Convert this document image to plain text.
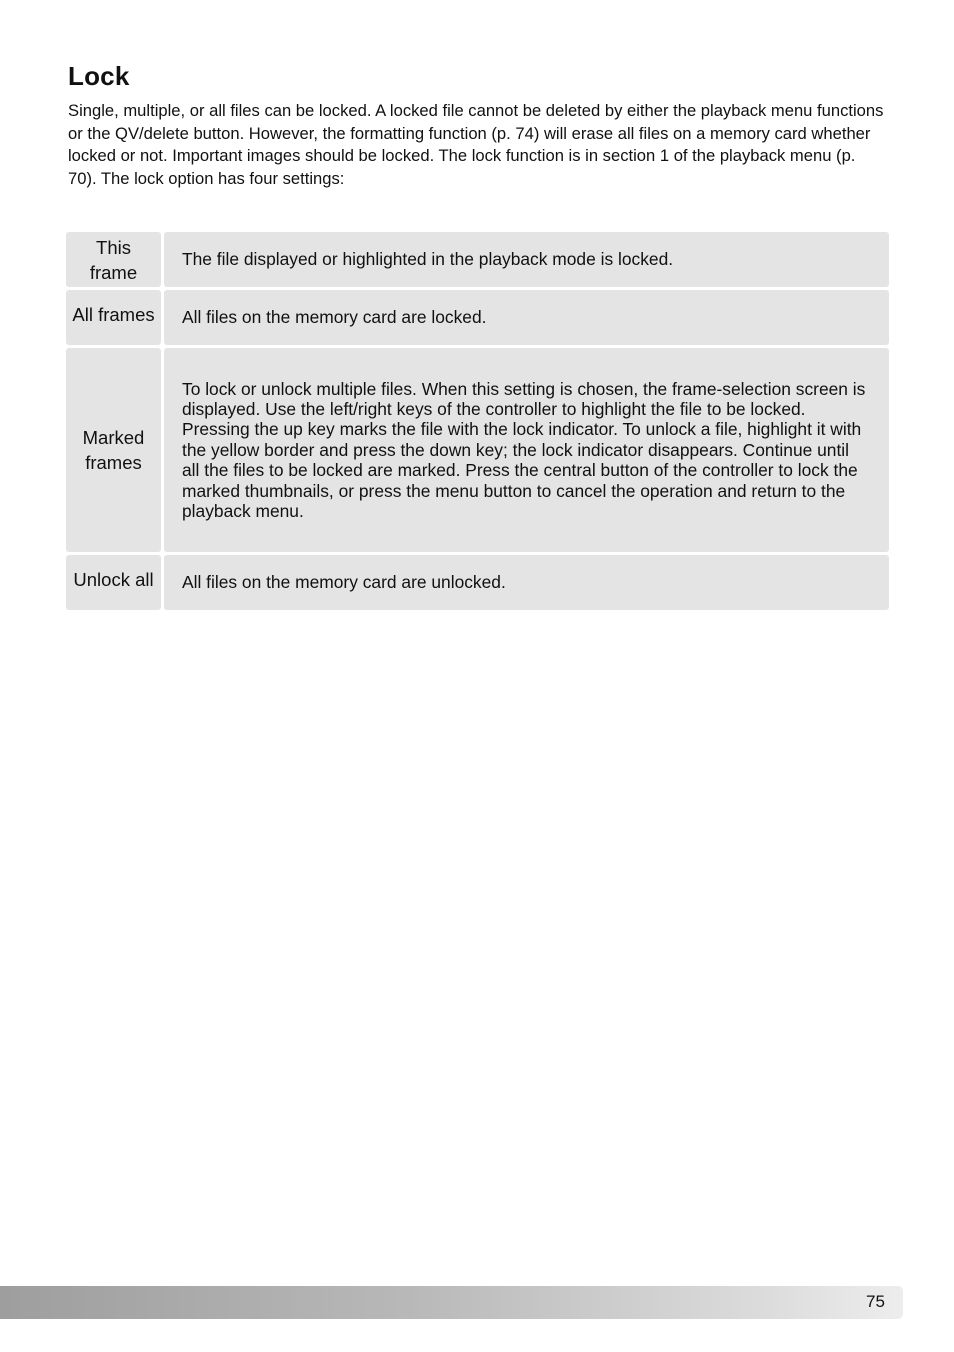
Lock

Single, multiple, or all files can be locked. A locked file cannot be deleted by either the playback menu functions or the QV/delete button. However, the formatting function (p. 74) will erase all files on a memory card whether locked or not. Important images should be locked. The lock function is in section 1 of the playback menu (p. 70). The lock option has four settings:

This frame
The file displayed or highlighted in the playback mode is locked.
All frames	All files on the memory card are locked.
Marked frames
To lock or unlock multiple files. When this setting is chosen, the frame-selection screen is displayed. Use the left/right keys of the controller to highlight the file to be locked. Pressing the up key marks the file with the lock indicator. To unlock a file, highlight it with the yellow border and press the down key; the lock indicator disappears. Continue until all the files to be locked are marked. Press the central button of the controller to lock the marked thumbnails, or press the menu button to cancel the operation and return to the playback menu.
Unlock all	All files on the memory card are unlocked.
75
